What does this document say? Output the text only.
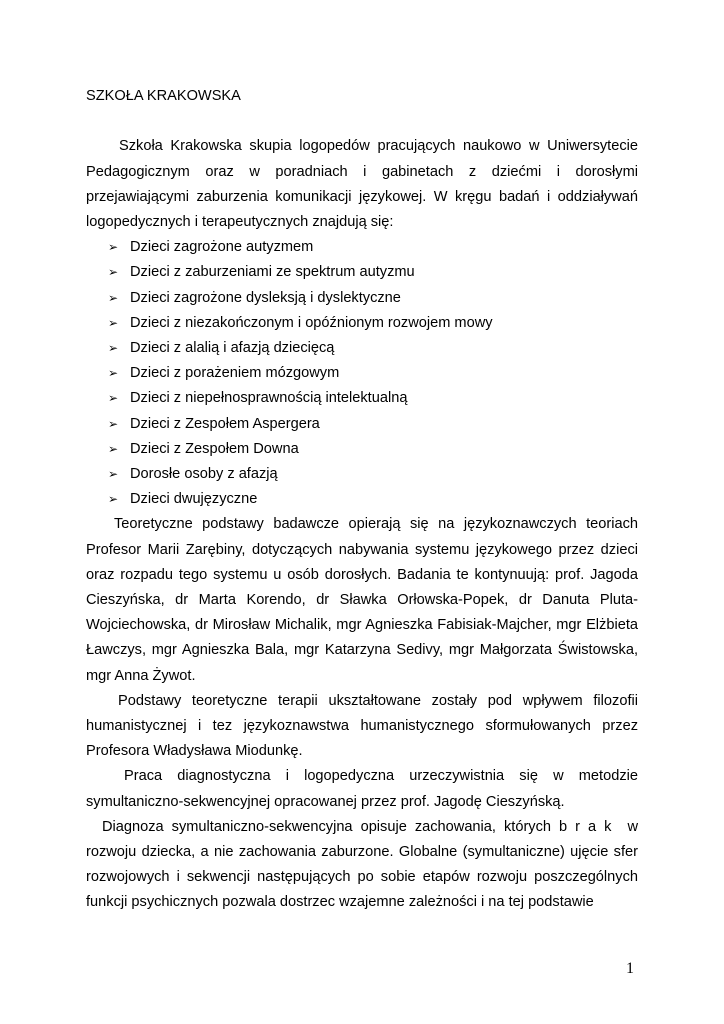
SZKOŁA KRAKOWSKA

Szkoła Krakowska skupia logopedów pracujących naukowo w Uniwersytecie Pedagogicznym oraz w poradniach i gabinetach z dziećmi i dorosłymi przejawiającymi zaburzenia komunikacji językowej. W kręgu badań i oddziaływań logopedycznych i terapeutycznych znajdują się:

➢ Dzieci zagrożone autyzmem
➢ Dzieci z zaburzeniami ze spektrum autyzmu
➢ Dzieci zagrożone dysleksją i dyslektyczne
➢ Dzieci z niezakończonym i opóźnionym rozwojem mowy
➢ Dzieci z alalią i afazją dziecięcą
➢ Dzieci z porażeniem mózgowym
➢ Dzieci z niepełnosprawnością intelektualną
➢ Dzieci z Zespołem Aspergera
➢ Dzieci z Zespołem Downa
➢ Dorosłe osoby z afazją
➢ Dzieci dwujęzyczne

Teoretyczne podstawy badawcze opierają się na językoznawczych teoriach Profesor Marii Zarębiny, dotyczących nabywania systemu językowego przez dzieci oraz rozpadu tego systemu u osób dorosłych. Badania te kontynuują: prof. Jagoda Cieszyńska, dr Marta Korendo, dr Sławka Orłowska-Popek, dr Danuta Pluta-Wojciechowska, dr Mirosław Michalik, mgr Agnieszka Fabisiak-Majcher, mgr Elżbieta Ławczys, mgr Agnieszka Bala, mgr Katarzyna Sedivy, mgr Małgorzata Świstowska, mgr Anna Żywot.

Podstawy teoretyczne terapii ukształtowane zostały pod wpływem filozofii humanistycznej i tez językoznawstwa humanistycznego sformułowanych przez Profesora Władysława Miodunkę.

Praca diagnostyczna i logopedyczna urzeczywistnia się w metodzie symultaniczno-sekwencyjnej opracowanej przez prof. Jagodę Cieszyńską.

Diagnoza symultaniczno-sekwencyjna opisuje zachowania, których brak w rozwoju dziecka, a nie zachowania zaburzone. Globalne (symultaniczne) ujęcie sfer rozwojowych i sekwencji następujących po sobie etapów rozwoju poszczególnych funkcji psychicznych pozwala dostrzec wzajemne zależności i na tej podstawie

1
